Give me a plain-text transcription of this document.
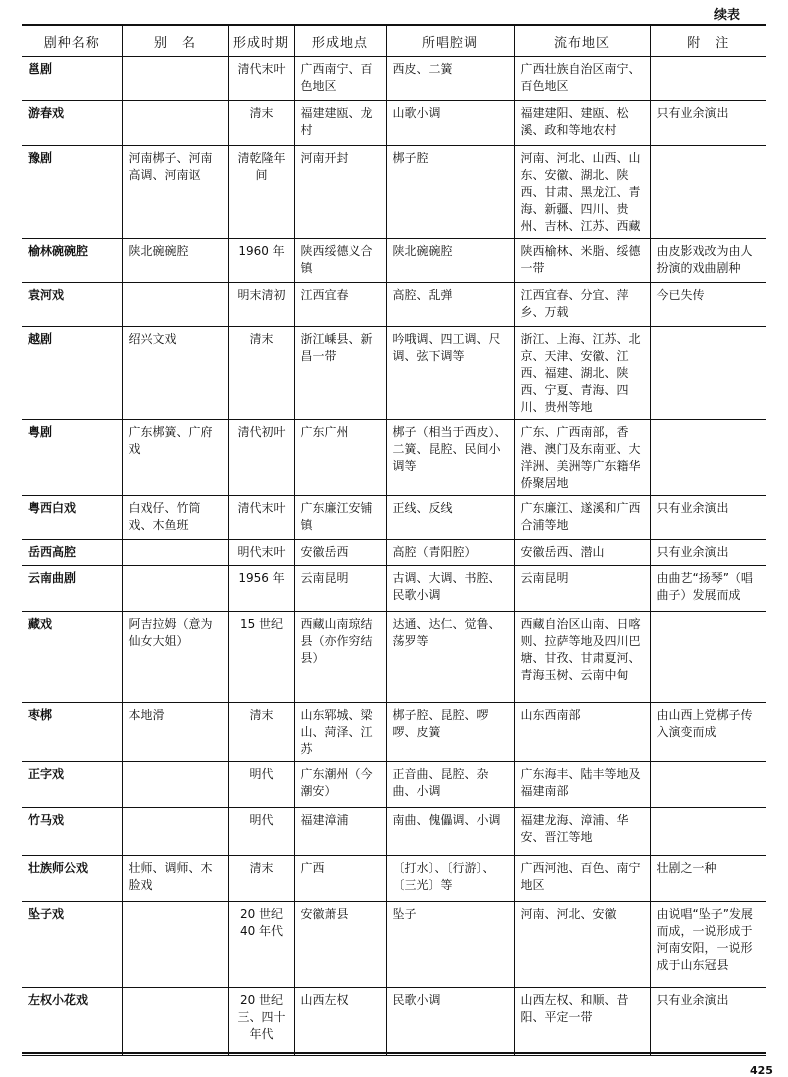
续表
剧种名称	别　名	形成时期	形成地点	所唱腔调	流布地区	附　注
邕剧		清代末叶	广西南宁、百色地区	西皮、二簧	广西壮族自治区南宁、百色地区	
游春戏		清末	福建建瓯、龙村	山歌小调	福建建阳、建瓯、松溪、政和等地农村	只有业余演出
豫剧	河南梆子、河南高调、河南讴	清乾隆年间	河南开封	梆子腔	河南、河北、山西、山东、安徽、湖北、陕西、甘肃、黑龙江、青海、新疆、四川、贵州、吉林、江苏、西藏	
榆林碗碗腔	陕北碗碗腔	1960 年	陕西绥德义合镇	陕北碗碗腔	陕西榆林、米脂、绥德一带	由皮影戏改为由人扮演的戏曲剧种
袁河戏		明末清初	江西宜春	高腔、乱弹	江西宜春、分宜、萍乡、万载	今已失传
越剧	绍兴文戏	清末	浙江嵊县、新昌一带	吟哦调、四工调、尺调、弦下调等	浙江、上海、江苏、北京、天津、安徽、江西、福建、湖北、陕西、宁夏、青海、四川、贵州等地	
粤剧	广东梆簧、广府戏	清代初叶	广东广州	梆子（相当于西皮）、二簧、昆腔、民间小调等	广东、广西南部，香港、澳门及东南亚、大洋洲、美洲等广东籍华侨聚居地	
粤西白戏	白戏仔、竹筒戏、木鱼班	清代末叶	广东廉江安铺镇	正线、反线	广东廉江、遂溪和广西合浦等地	只有业余演出
岳西高腔		明代末叶	安徽岳西	高腔（青阳腔）	安徽岳西、潜山	只有业余演出
云南曲剧		1956 年	云南昆明	古调、大调、书腔、民歌小调	云南昆明	由曲艺“扬琴”（唱曲子）发展而成
藏戏	阿吉拉姆（意为仙女大姐）	15 世纪	西藏山南琼结县（亦作穷结县）	达通、达仁、觉鲁、荡罗等	西藏自治区山南、日喀则、拉萨等地及四川巴塘、甘孜、甘肃夏河、青海玉树、云南中甸	
枣梆	本地滑	清末	山东郓城、梁山、菏泽、江苏	梆子腔、昆腔、啰啰、皮簧	山东西南部	由山西上党梆子传入演变而成
正字戏		明代	广东潮州（今潮安）	正音曲、昆腔、杂曲、小调	广东海丰、陆丰等地及福建南部	
竹马戏		明代	福建漳浦	南曲、傀儡调、小调	福建龙海、漳浦、华安、晋江等地	
壮族师公戏	壮师、调师、木脸戏	清末	广西	〔打水〕、〔行游〕、〔三光〕等	广西河池、百色、南宁地区	壮剧之一种
坠子戏		20 世纪 40 年代	安徽萧县	坠子	河南、河北、安徽	由说唱“坠子”发展而成，一说形成于河南安阳，一说形成于山东冠县
左权小花戏		20 世纪三、四十年代	山西左权	民歌小调	山西左权、和顺、昔阳、平定一带	只有业余演出
425
